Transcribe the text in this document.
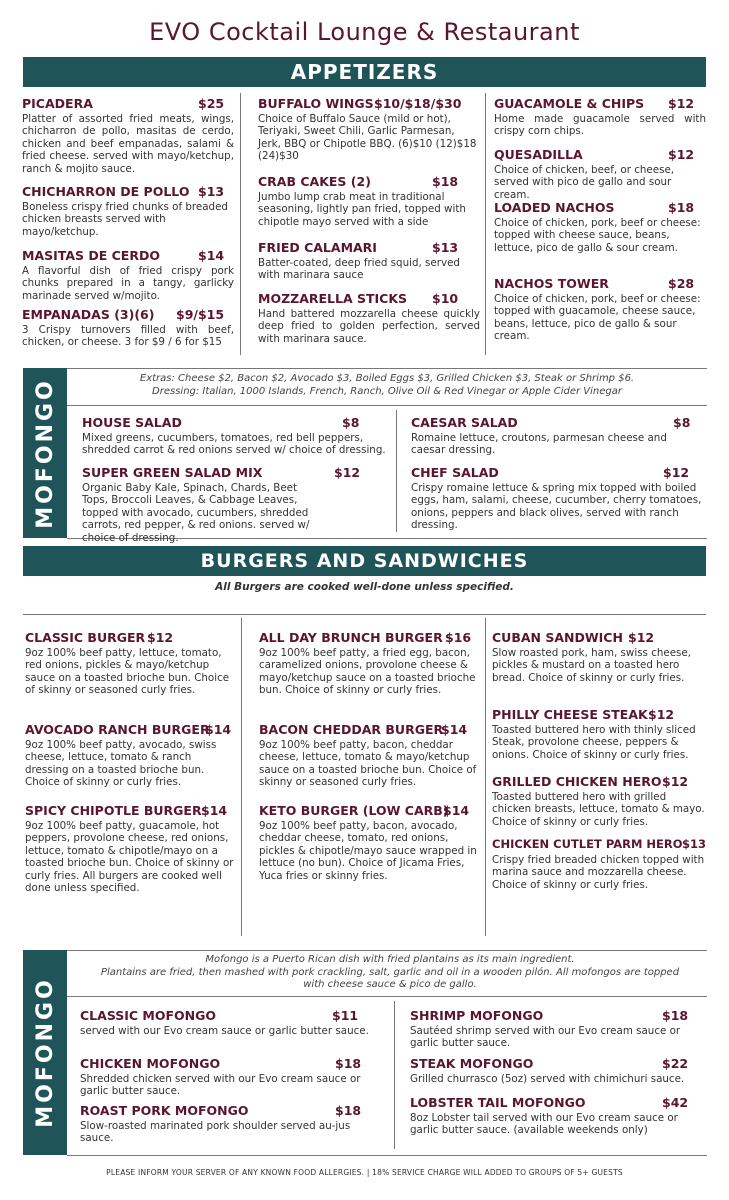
EVO Cocktail Lounge & Restaurant
APPETIZERS
PICADERA	$25
Platter of assorted fried meats, wings, chicharron de pollo, masitas de cerdo, chicken and beef empanadas, salami & fried cheese. served with mayo/ketchup, ranch & mojito sauce.
CHICHARRON DE POLLO $13
Boneless crispy fried chunks of breaded chicken breasts served with mayo/ketchup.
MASITAS DE CERDO	$14
A flavorful dish of fried crispy pork chunks prepared in a tangy, garlicky marinade served w/mojito.
EMPANADAS (3)(6) $9/$15
3 Crispy turnovers filled with beef, chicken, or cheese. 3 for $9 / 6 for $15
BUFFALO WINGS $10/$18/$30
Choice of Buffalo Sauce (mild or hot), Teriyaki, Sweet Chili, Garlic Parmesan, Jerk, BBQ or Chipotle BBQ. (6)$10 (12)$18 (24)$30
CRAB CAKES (2)	$18
Jumbo lump crab meat in traditional seasoning, lightly pan fried, topped with chipotle mayo served with a side
FRIED CALAMARI	$13
Batter-coated, deep fried squid, served with marinara sauce
MOZZARELLA STICKS $10
Hand battered mozzarella cheese quickly deep fried to golden perfection, served with marinara sauce.
GUACAMOLE & CHIPS $12
Home made guacamole served with crispy corn chips.
QUESADILLA	$12
Choice of chicken, beef, or cheese, served with pico de gallo and sour cream.
LOADED NACHOS	$18
Choice of chicken, pork, beef or cheese: topped with cheese sauce, beans, lettuce, pico de gallo & sour cream.
NACHOS TOWER	$28
Choice of chicken, pork, beef or cheese: topped with guacamole, cheese sauce, beans, lettuce, pico de gallo & sour cream.
MOFONGO	Extras: Cheese $2, Bacon $2, Avocado $3, Boiled Eggs $3, Grilled Chicken $3, Steak or Shrimp $6.
Dressing: Italian, 1000 Islands, French, Ranch, Olive Oil & Red Vinegar or Apple Cider Vinegar
HOUSE SALAD	$8
Mixed greens, cucumbers, tomatoes, red bell peppers, shredded carrot & red onions served w/ choice of dressing.
SUPER GREEN SALAD MIX	$12
Organic Baby Kale, Spinach, Chards, Beet Tops, Broccoli Leaves, & Cabbage Leaves, topped with avocado, cucumbers, shredded carrots, red pepper, & red onions. served w/ choice of dressing.
CAESAR SALAD	$8
Romaine lettuce, croutons, parmesan cheese and caesar dressing.
CHEF SALAD	$12
Crispy romaine lettuce & spring mix topped with boiled eggs, ham, salami, cheese, cucumber, cherry tomatoes, onions, peppers and black olives, served with ranch dressing.
BURGERS AND SANDWICHES
All Burgers are cooked well-done unless specified.
CLASSIC BURGER $12
9oz 100% beef patty, lettuce, tomato, red onions, pickles & mayo/ketchup sauce on a toasted brioche bun. Choice of skinny or seasoned curly fries.
AVOCADO RANCH BURGER
$14
9oz 100% beef patty, avocado, swiss cheese, lettuce, tomato & ranch dressing on a toasted brioche bun. Choice of skinny or curly fries.
SPICY CHIPOTLE BURGER $14
9oz 100% beef patty, guacamole, hot peppers, provolone cheese, red onions, lettuce, tomato & chipotle/mayo on a toasted brioche bun. Choice of skinny or curly fries. All burgers are cooked well done unless specified.
ALL DAY BRUNCH BURGER $16
9oz 100% beef patty, a fried egg, bacon, caramelized onions, provolone cheese & mayo/ketchup sauce on a toasted brioche bun. Choice of skinny or curly fries.
BACON CHEDDAR BURGER
$14
9oz 100% beef patty, bacon, cheddar cheese, lettuce, tomato & mayo/ketchup sauce on a toasted brioche bun. Choice of skinny or seasoned curly fries.
KETO BURGER (LOW CARB)
$14
9oz 100% beef patty, bacon, avocado, cheddar cheese, tomato, red onions, pickles & chipotle/mayo sauce wrapped in lettuce (no bun). Choice of Jicama Fries, Yuca fries or skinny fries.
CUBAN SANDWICH $12
Slow roasted pork, ham, swiss cheese, pickles & mustard on a toasted hero bread. Choice of skinny or curly fries.
PHILLY CHEESE STEAK $12
Toasted buttered hero with thinly sliced Steak, provolone cheese, peppers & onions. Choice of skinny or curly fries.
GRILLED CHICKEN HERO $12
Toasted buttered hero with grilled chicken breasts, lettuce, tomato & mayo. Choice of skinny or curly fries.
CHICKEN CUTLET PARM HERO $13
Crispy fried breaded chicken topped with marina sauce and mozzarella cheese. Choice of skinny or curly fries.
MOFONGO
Mofongo is a Puerto Rican dish with fried plantains as its main ingredient.
Plantains are fried, then mashed with pork crackling, salt, garlic and oil in a wooden pilón. All mofongos are topped with cheese sauce & pico de gallo.
CLASSIC MOFONGO	$11
served with our Evo cream sauce or garlic butter sauce.
CHICKEN MOFONGO	$18
Shredded chicken served with our Evo cream sauce or garlic butter sauce.
ROAST PORK MOFONGO	$18
Slow-roasted marinated pork shoulder served au-jus sauce.
SHRIMP MOFONGO	$18
Sautéed shrimp served with our Evo cream sauce or garlic butter sauce.
STEAK MOFONGO	$22
Grilled churrasco (5oz) served with chimichuri sauce.
LOBSTER TAIL MOFONGO	$42
8oz Lobster tail served with our Evo cream sauce or garlic butter sauce. (available weekends only)
PLEASE INFORM YOUR SERVER OF ANY KNOWN FOOD ALLERGIES. | 18% SERVICE CHARGE WILL ADDED TO GROUPS OF 5+ GUESTS
